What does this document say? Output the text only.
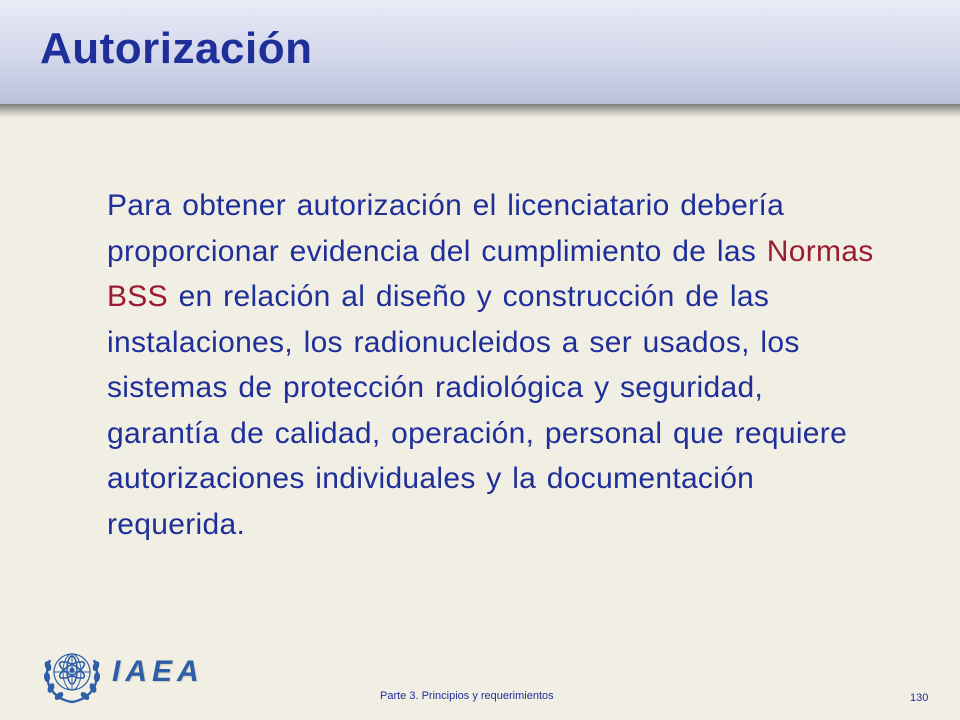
Autorización

Para obtener autorización el licenciatario debería proporcionar evidencia del cumplimiento de las Normas BSS en relación al diseño y construcción de las instalaciones, los radionucleidos a ser usados, los sistemas de protección radiológica y seguridad, garantía de calidad, operación, personal que requiere autorizaciones individuales y la documentación requerida.

IAEA
Parte 3. Principios y requerimientos	130
